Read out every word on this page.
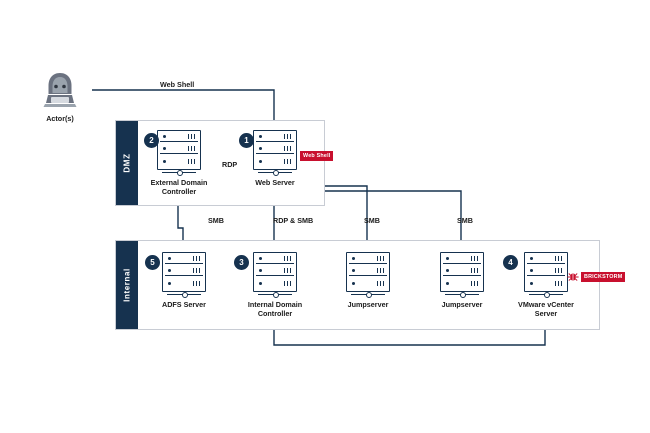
Actor(s)
DMZ
External Domain
Controller
2
Web Server
1
Web Shell
Internal
ADFS Server
5
Internal Domain
Controller
3
Jumpserver	Jumpserver	VMware vCenter
Server
4
BRICKSTORM
Web Shell
RDP
SMB	RDP & SMB	SMB	SMB
